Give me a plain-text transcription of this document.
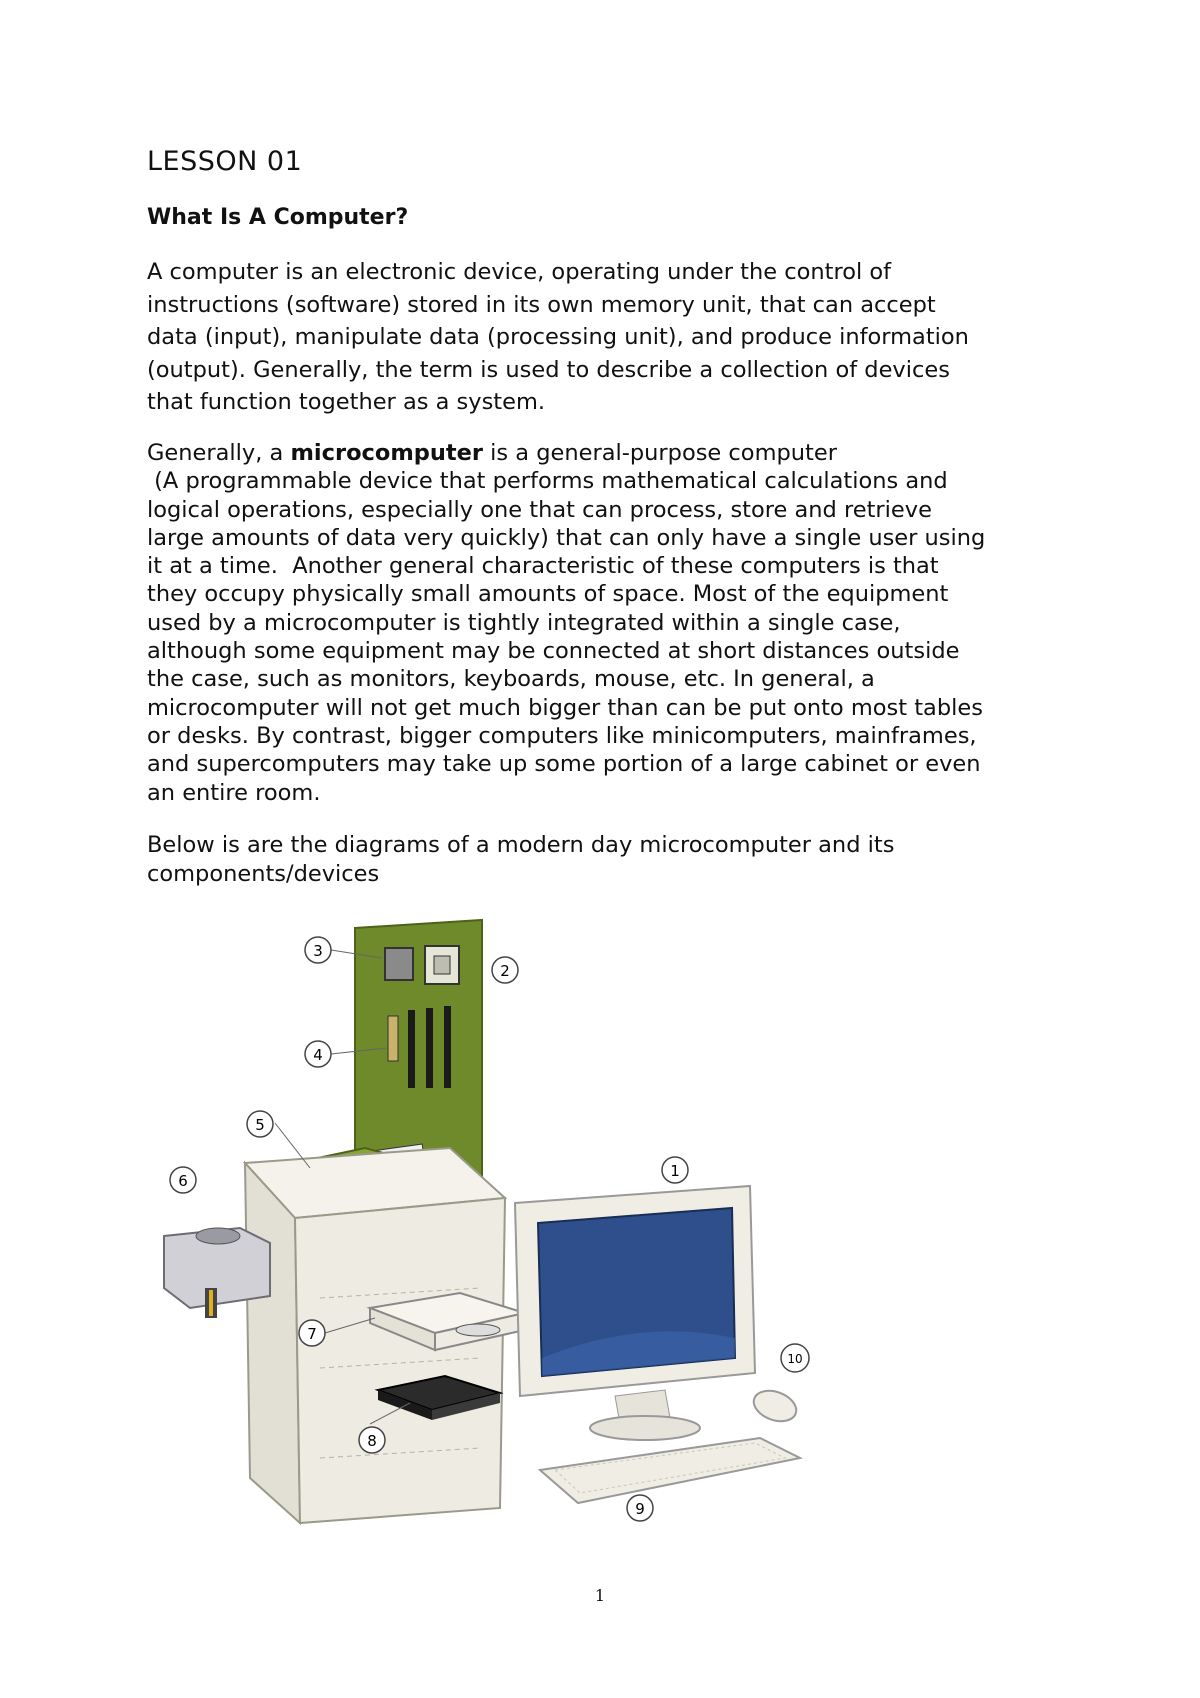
LESSON 01
What Is A Computer?

A computer is an electronic device, operating under the control of
instructions (software) stored in its own memory unit, that can accept
data (input), manipulate data (processing unit), and produce information
(output). Generally, the term is used to describe a collection of devices
that function together as a system.

Generally, a microcomputer is a general-purpose computer
(A programmable device that performs mathematical calculations and
logical operations, especially one that can process, store and retrieve
large amounts of data very quickly) that can only have a single user using
it at a time.  Another general characteristic of these computers is that
they occupy physically small amounts of space. Most of the equipment
used by a microcomputer is tightly integrated within a single case,
although some equipment may be connected at short distances outside
the case, such as monitors, keyboards, mouse, etc. In general, a
microcomputer will not get much bigger than can be put onto most tables
or desks. By contrast, bigger computers like minicomputers, mainframes,
and supercomputers may take up some portion of a large cabinet or even
an entire room.

Below is are the diagrams of a modern day microcomputer and its
components/devices

3
2
4
5
6
1
7
10
8
9
1
